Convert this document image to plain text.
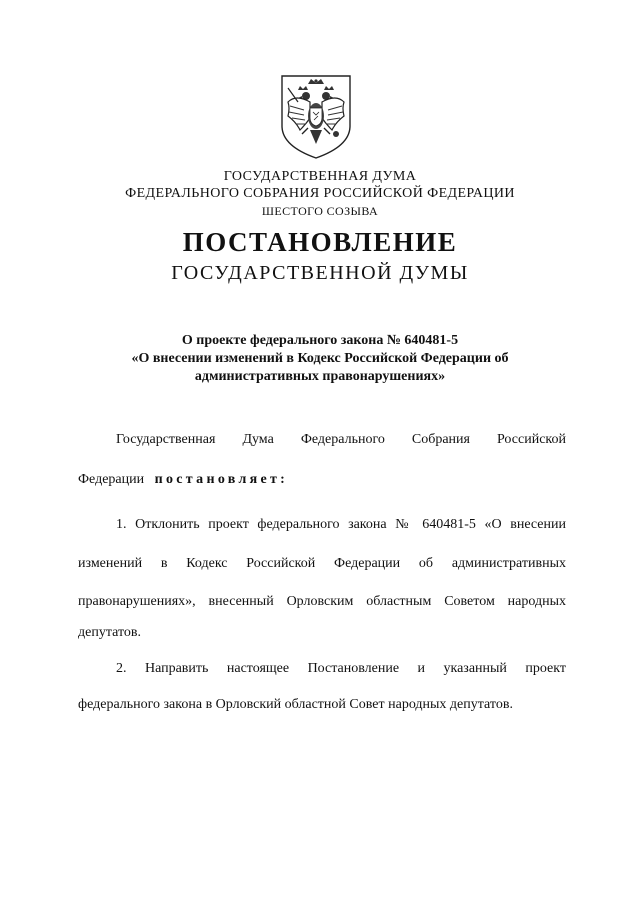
ГОСУДАРСТВЕННАЯ ДУМА
ФЕДЕРАЛЬНОГО СОБРАНИЯ РОССИЙСКОЙ ФЕДЕРАЦИИ
ШЕСТОГО СОЗЫВА
ПОСТАНОВЛЕНИЕ
ГОСУДАРСТВЕННОЙ ДУМЫ
О проекте федерального закона № 640481-5
«О внесении изменений в Кодекс Российской Федерации об
административных правонарушениях»
Государственная Дума Федерального Собрания Российской
Федерации постановляет:
1. Отклонить проект федерального закона № 640481-5 «О внесении
изменений в Кодекс Российской Федерации об административных
правонарушениях», внесенный Орловским областным Советом народных
депутатов.
2. Направить настоящее Постановление и указанный проект
федерального закона в Орловский областной Совет народных депутатов.
